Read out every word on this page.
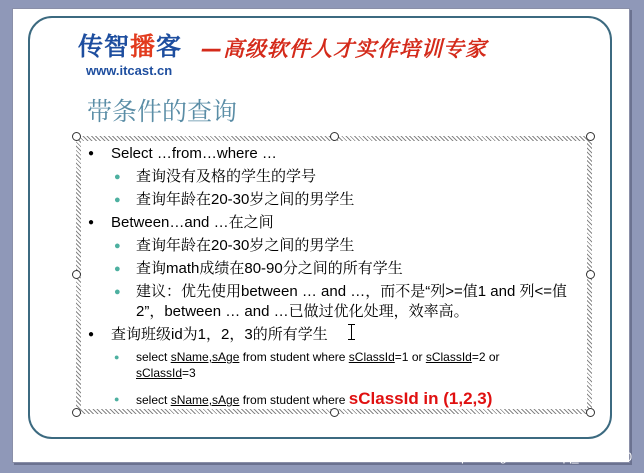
传智播客
www.itcast.cn
—高级软件人才实作培训专家
带条件的查询
● Select …from…where …
● 查询没有及格的学生的学号
● 查询年龄在20-30岁之间的男学生
● Between…and …在之间
● 查询年龄在20-30岁之间的男学生
● 查询math成绩在80-90分之间的所有学生
● 建议：优先使用between … and …，而不是“列>=值1 and 列<=值2”，between … and …已做过优化处理，效率高。
● 查询班级id为1，2，3的所有学生
● select sName,sAge from student where sClassId=1 or sClassId=2 or
sClassId=3
● select sName,sAge from student where sClassId in (1,2,3)
https://blog.csdn.net/qq_36251000
